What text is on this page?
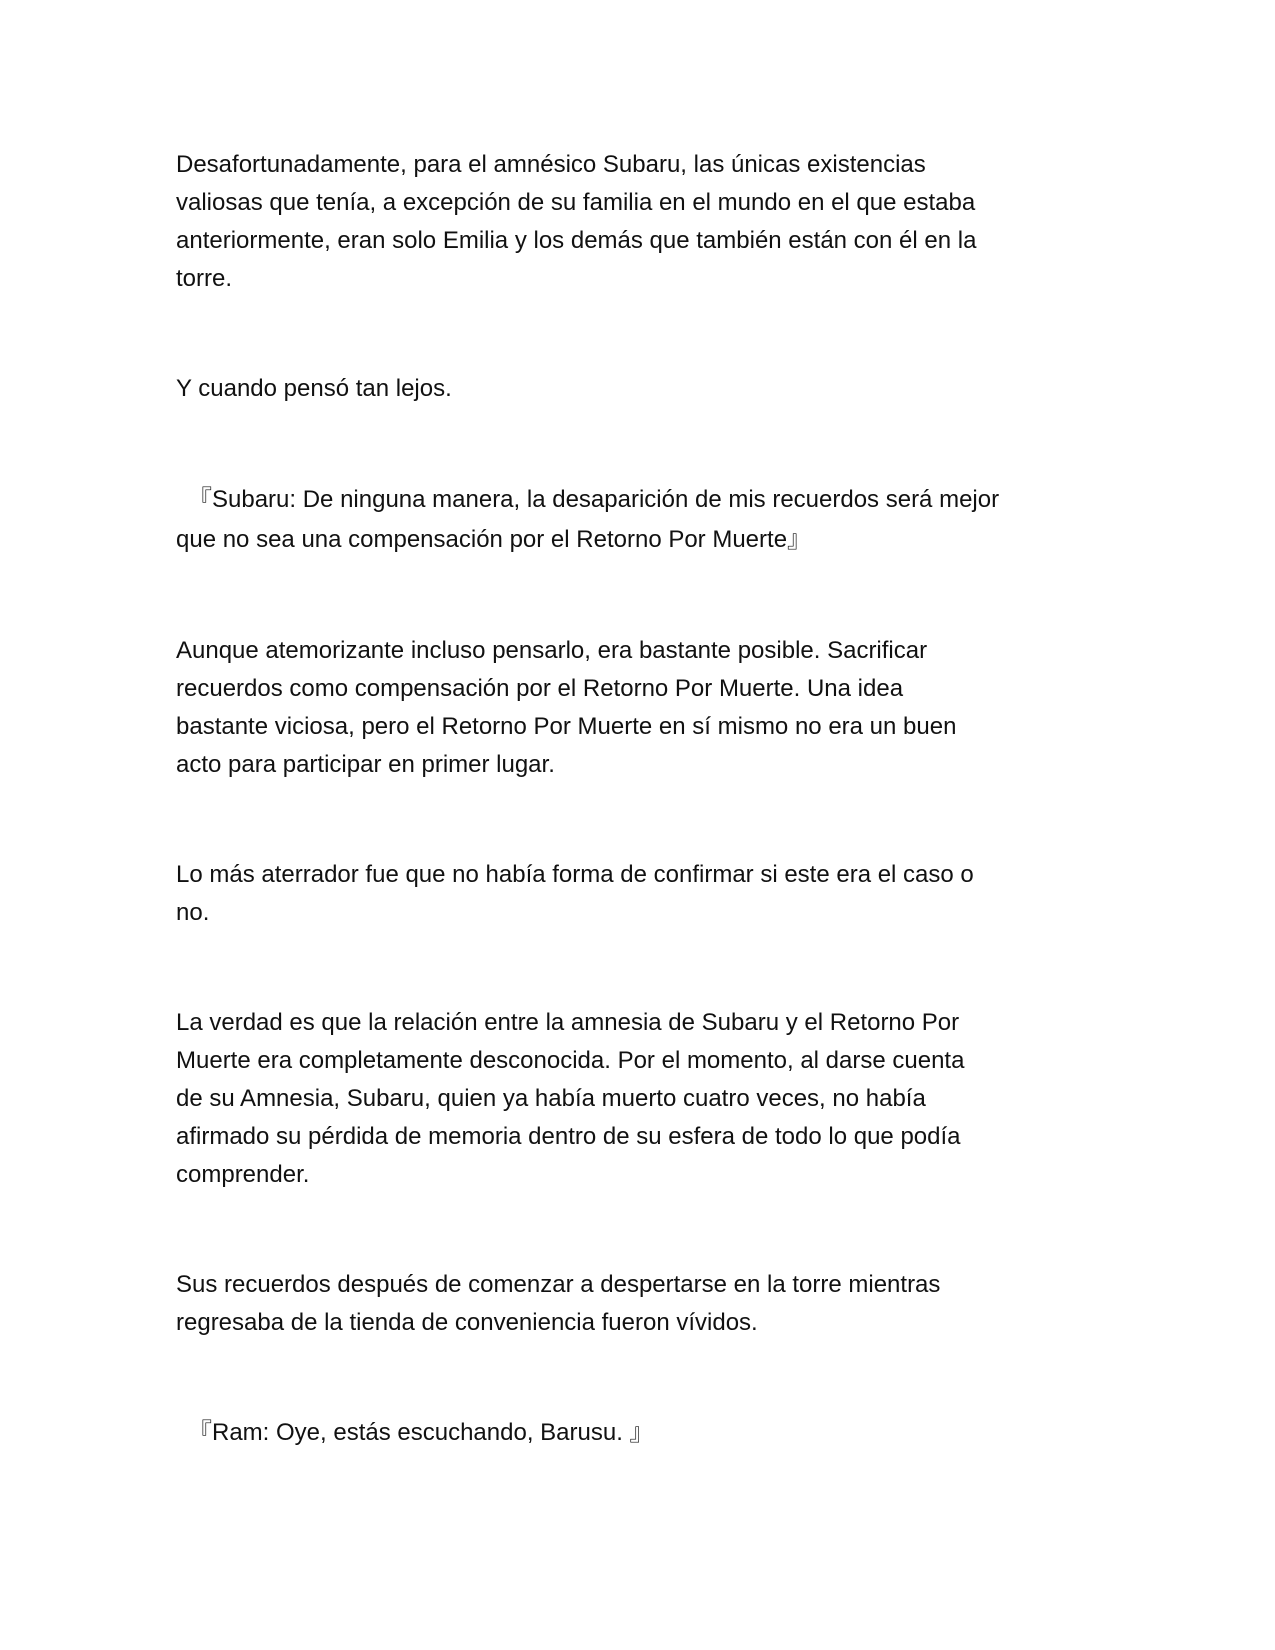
Desafortunadamente, para el amnésico Subaru, las únicas existencias
valiosas que tenía, a excepción de su familia en el mundo en el que estaba
anteriormente, eran solo Emilia y los demás que también están con él en la
torre.

Y cuando pensó tan lejos.

『Subaru: De ninguna manera, la desaparición de mis recuerdos será mejor
que no sea una compensación por el Retorno Por Muerte』

Aunque atemorizante incluso pensarlo, era bastante posible. Sacrificar
recuerdos como compensación por el Retorno Por Muerte. Una idea
bastante viciosa, pero el Retorno Por Muerte en sí mismo no era un buen
acto para participar en primer lugar.

Lo más aterrador fue que no había forma de confirmar si este era el caso o
no.

La verdad es que la relación entre la amnesia de Subaru y el Retorno Por
Muerte era completamente desconocida. Por el momento, al darse cuenta
de su Amnesia, Subaru, quien ya había muerto cuatro veces, no había
afirmado su pérdida de memoria dentro de su esfera de todo lo que podía
comprender.

Sus recuerdos después de comenzar a despertarse en la torre mientras
regresaba de la tienda de conveniencia fueron vívidos.

『Ram: Oye, estás escuchando, Barusu. 』
